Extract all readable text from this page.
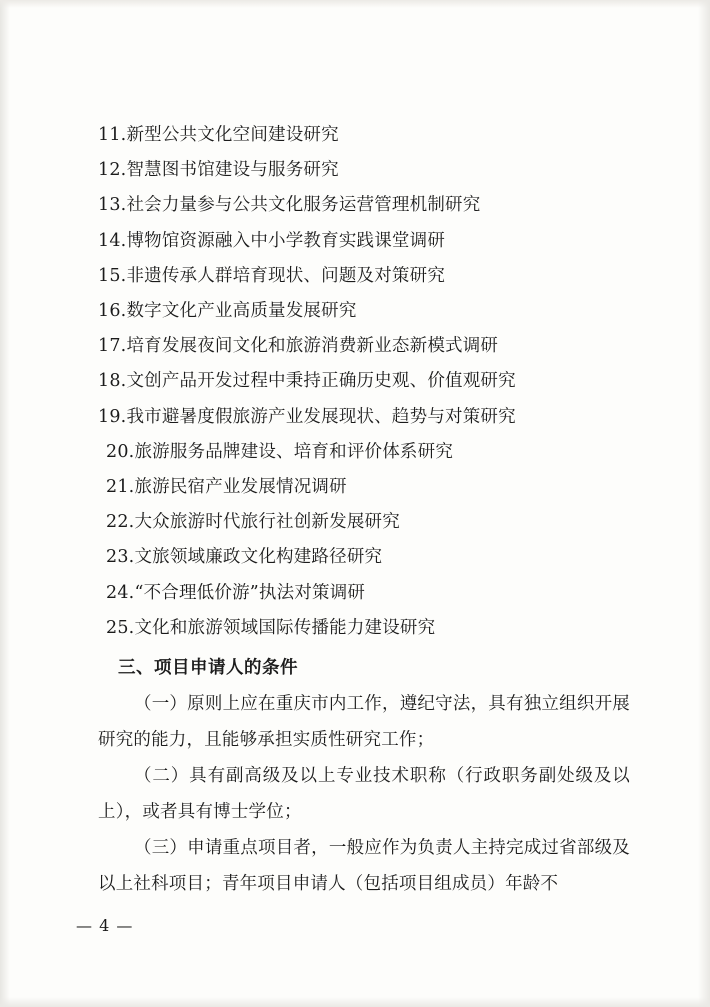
11.新型公共文化空间建设研究
12.智慧图书馆建设与服务研究
13.社会力量参与公共文化服务运营管理机制研究
14.博物馆资源融入中小学教育实践课堂调研
15.非遗传承人群培育现状、问题及对策研究
16.数字文化产业高质量发展研究
17.培育发展夜间文化和旅游消费新业态新模式调研
18.文创产品开发过程中秉持正确历史观、价值观研究
19.我市避暑度假旅游产业发展现状、趋势与对策研究
20.旅游服务品牌建设、培育和评价体系研究
21.旅游民宿产业发展情况调研
22.大众旅游时代旅行社创新发展研究
23.文旅领域廉政文化构建路径研究
24.“不合理低价游”执法对策调研
25.文化和旅游领域国际传播能力建设研究
三、项目申请人的条件
（一）原则上应在重庆市内工作，遵纪守法，具有独立组织开展研究的能力，且能够承担实质性研究工作；
（二）具有副高级及以上专业技术职称（行政职务副处级及以上），或者具有博士学位；
（三）申请重点项目者，一般应作为负责人主持完成过省部级及以上社科项目；青年项目申请人（包括项目组成员）年龄不
— 4 —
